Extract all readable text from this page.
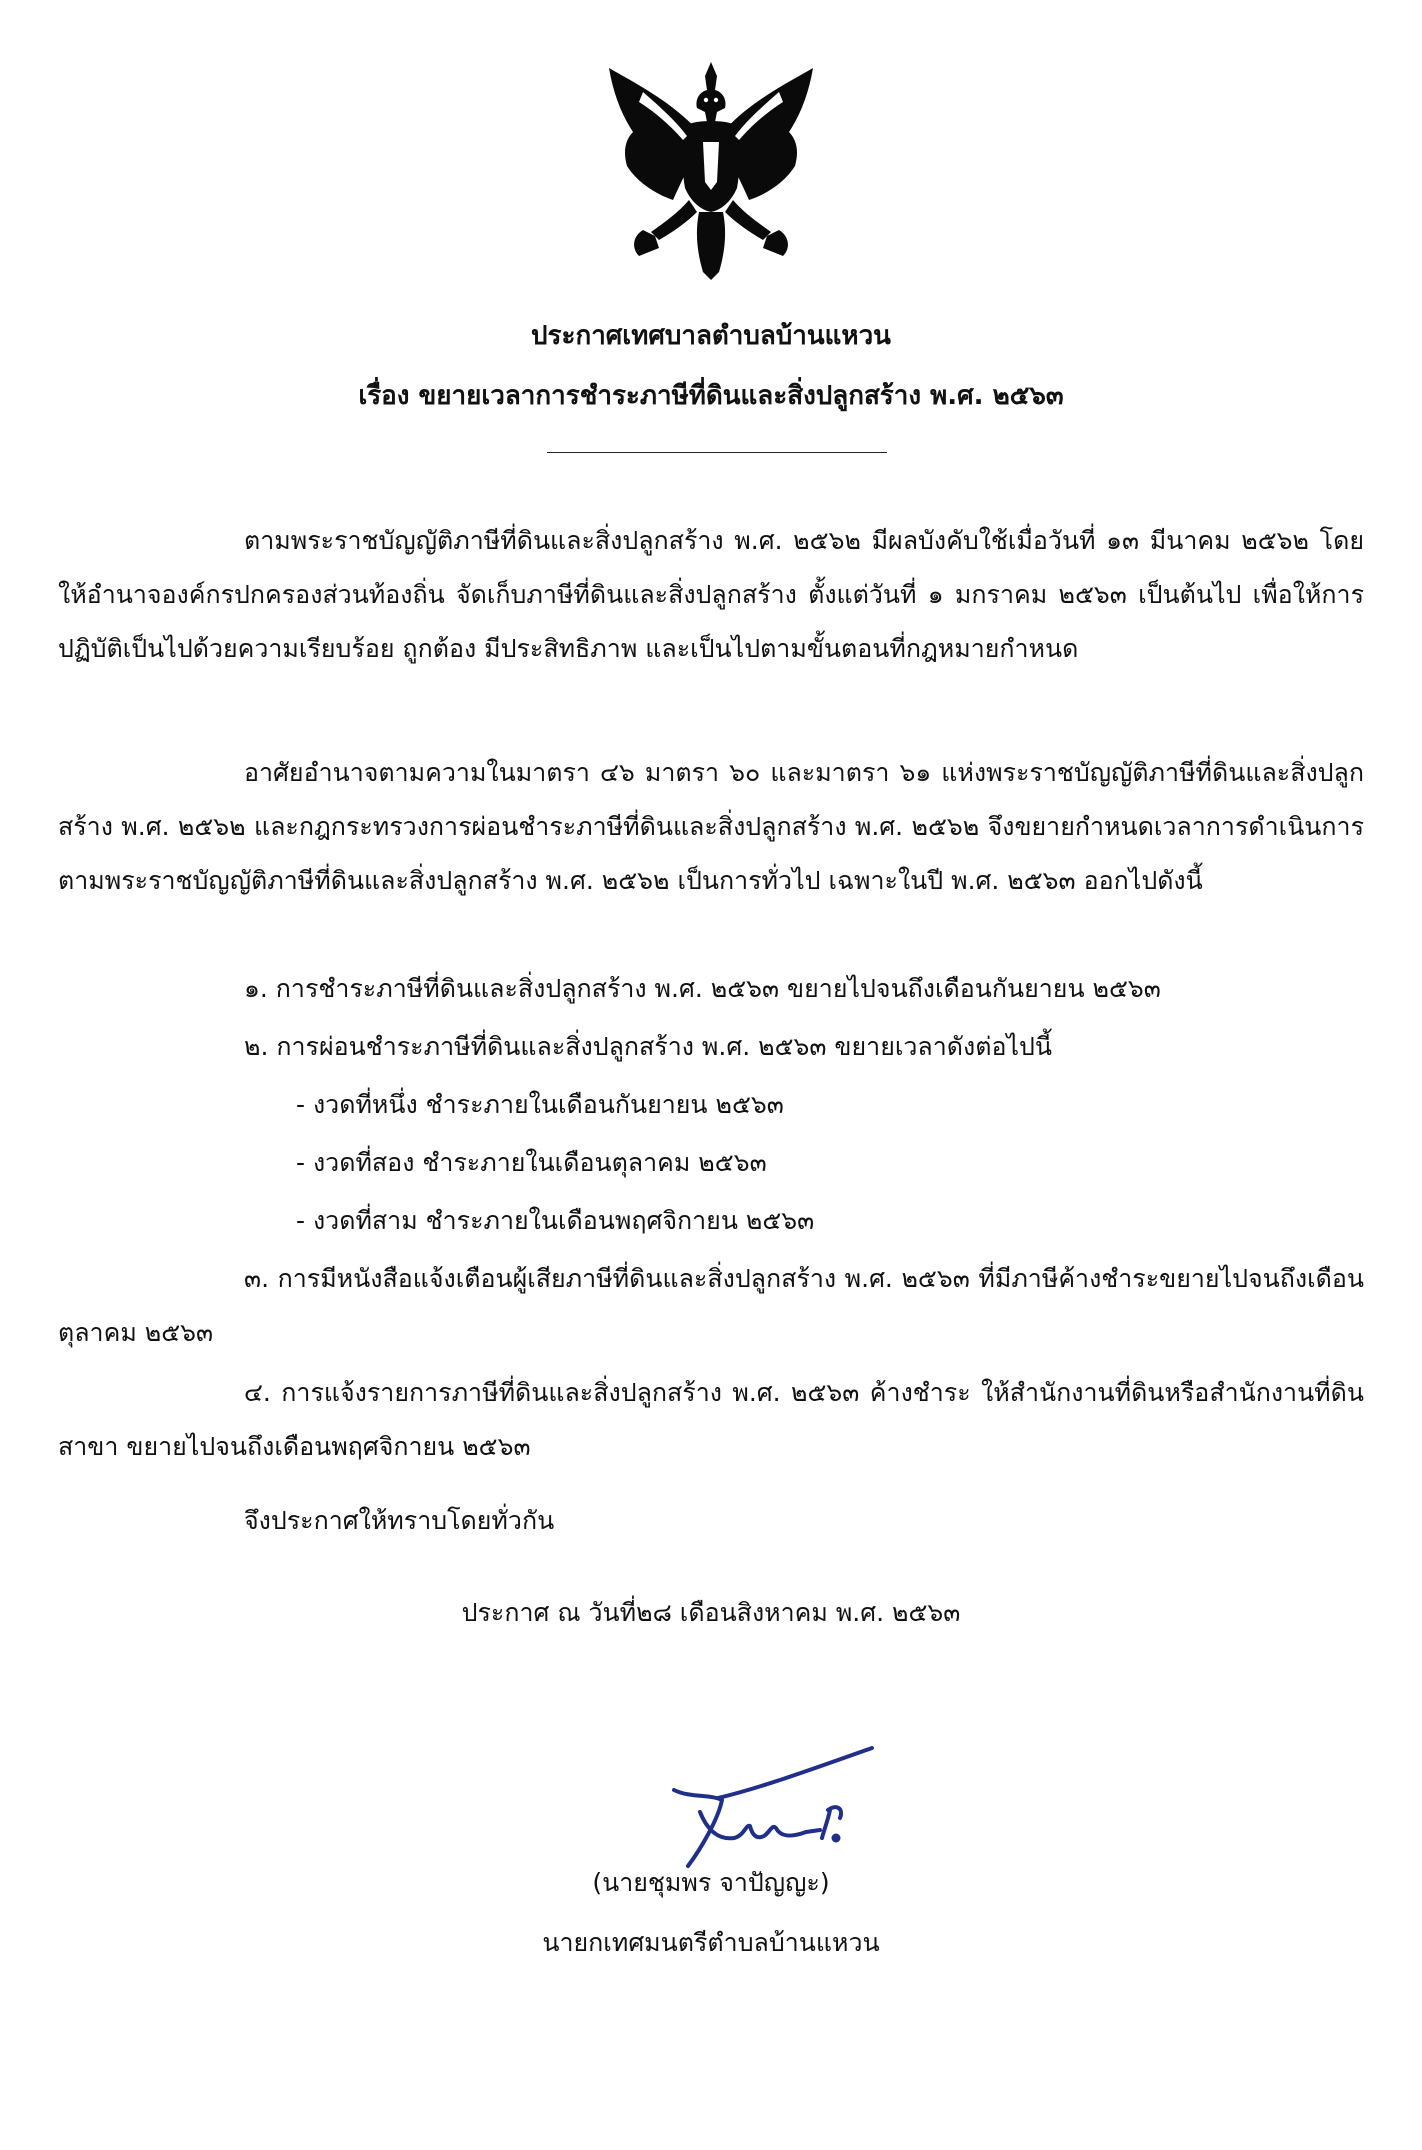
ประกาศเทศบาลตำบลบ้านแหวน
เรื่อง ขยายเวลาการชำระภาษีที่ดินและสิ่งปลูกสร้าง พ.ศ. ๒๕๖๓

ตามพระราชบัญญัติภาษีที่ดินและสิ่งปลูกสร้าง พ.ศ. ๒๕๖๒ มีผลบังคับใช้เมื่อวันที่ ๑๓ มีนาคม ๒๕๖๒ โดยให้อำนาจองค์กรปกครองส่วนท้องถิ่น จัดเก็บภาษีที่ดินและสิ่งปลูกสร้าง ตั้งแต่วันที่ ๑ มกราคม ๒๕๖๓ เป็นต้นไป เพื่อให้การปฏิบัติเป็นไปด้วยความเรียบร้อย ถูกต้อง มีประสิทธิภาพ และเป็นไปตามขั้นตอนที่กฎหมายกำหนด

อาศัยอำนาจตามความในมาตรา ๔๖ มาตรา ๖๐ และมาตรา ๖๑ แห่งพระราชบัญญัติภาษีที่ดินและสิ่งปลูกสร้าง พ.ศ. ๒๕๖๒ และกฎกระทรวงการผ่อนชำระภาษีที่ดินและสิ่งปลูกสร้าง พ.ศ. ๒๕๖๒ จึงขยายกำหนดเวลาการดำเนินการตามพระราชบัญญัติภาษีที่ดินและสิ่งปลูกสร้าง พ.ศ. ๒๕๖๒ เป็นการทั่วไป เฉพาะในปี พ.ศ. ๒๕๖๓ ออกไปดังนี้

๑. การชำระภาษีที่ดินและสิ่งปลูกสร้าง พ.ศ. ๒๕๖๓ ขยายไปจนถึงเดือนกันยายน ๒๕๖๓
๒. การผ่อนชำระภาษีที่ดินและสิ่งปลูกสร้าง พ.ศ. ๒๕๖๓ ขยายเวลาดังต่อไปนี้
- งวดที่หนึ่ง ชำระภายในเดือนกันยายน ๒๕๖๓
- งวดที่สอง ชำระภายในเดือนตุลาคม ๒๕๖๓
- งวดที่สาม ชำระภายในเดือนพฤศจิกายน ๒๕๖๓

๓. การมีหนังสือแจ้งเตือนผู้เสียภาษีที่ดินและสิ่งปลูกสร้าง พ.ศ. ๒๕๖๓ ที่มีภาษีค้างชำระขยายไปจนถึงเดือนตุลาคม ๒๕๖๓

๔. การแจ้งรายการภาษีที่ดินและสิ่งปลูกสร้าง พ.ศ. ๒๕๖๓ ค้างชำระ ให้สำนักงานที่ดินหรือสำนักงานที่ดินสาขา ขยายไปจนถึงเดือนพฤศจิกายน ๒๕๖๓

จึงประกาศให้ทราบโดยทั่วกัน
ประกาศ ณ วันที่๒๘ เดือนสิงหาคม พ.ศ. ๒๕๖๓
(นายชุมพร จาปัญญะ)
นายกเทศมนตรีตำบลบ้านแหวน
